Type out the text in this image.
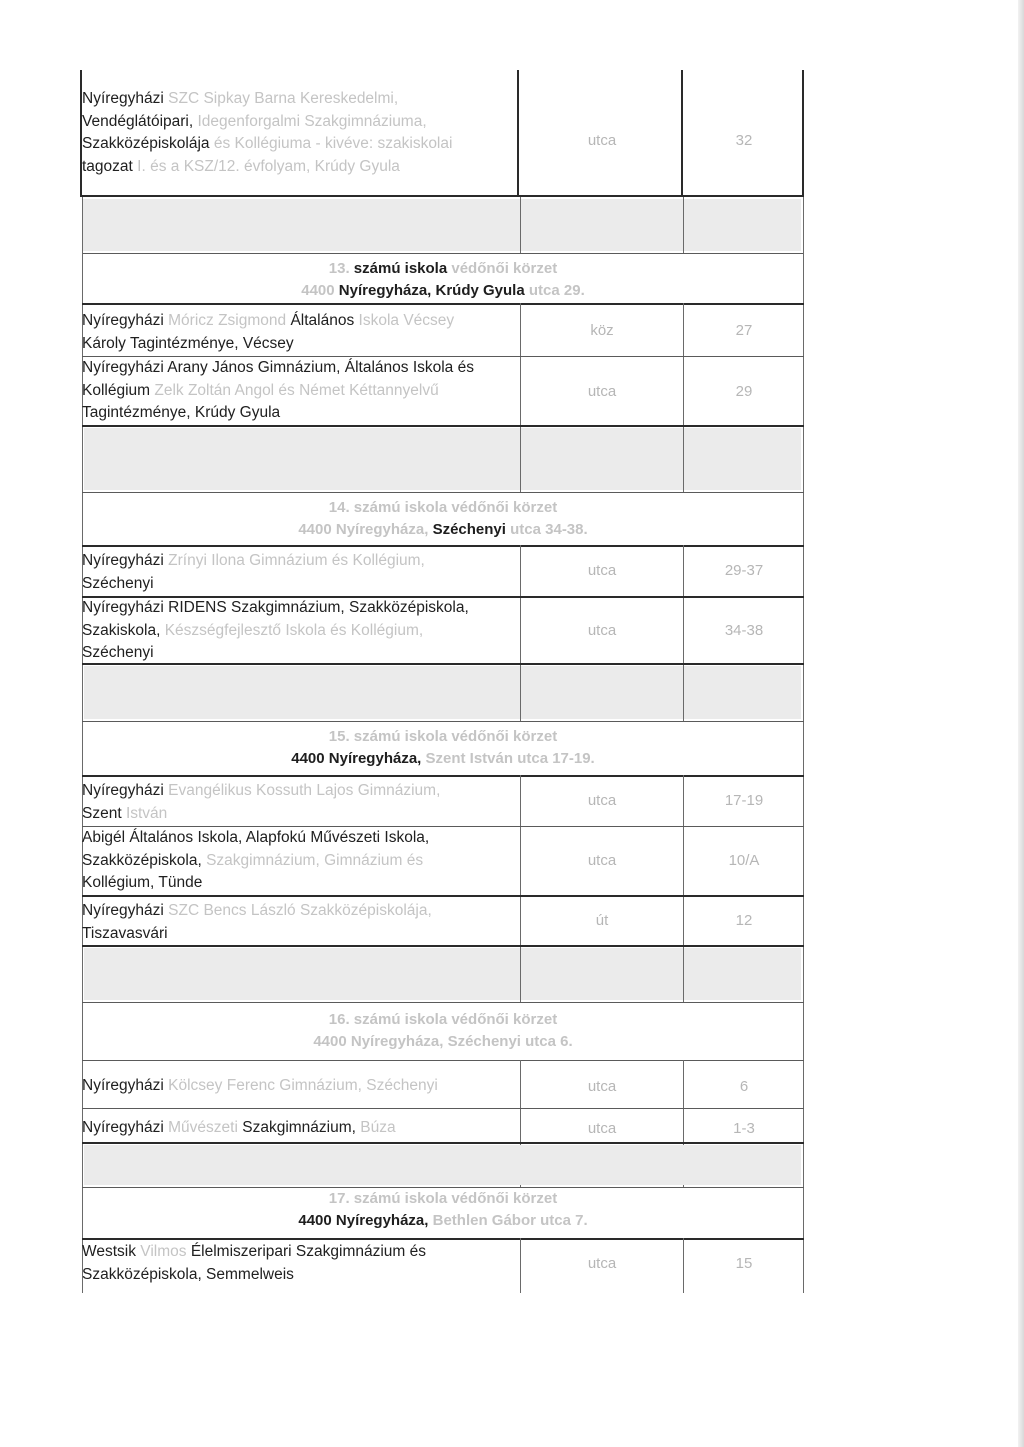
Nyíregyházi SZC Sipkay Barna Kereskedelmi,
Vendéglátóipari, Idegenforgalmi Szakgimnáziuma,
Szakközépiskolája és Kollégiuma - kivéve: szakiskolai
tagozat I. és a KSZ/12. évfolyam, Krúdy Gyula
utca	32
13. számú iskola védőnői körzet
4400 Nyíregyháza, Krúdy Gyula utca 29.
Nyíregyházi Móricz Zsigmond Általános Iskola Vécsey
Károly Tagintézménye, Vécsey
köz	27
Nyíregyházi Arany János Gimnázium, Általános Iskola és
Kollégium Zelk Zoltán Angol és Német Kéttannyelvű
Tagintézménye, Krúdy Gyula
utca	29
14. számú iskola védőnői körzet
4400 Nyíregyháza, Széchenyi utca 34-38.
Nyíregyházi Zrínyi Ilona Gimnázium és Kollégium,
Széchenyi
utca	29-37
Nyíregyházi RIDENS Szakgimnázium, Szakközépiskola,
Szakiskola, Készségfejlesztő Iskola és Kollégium,
Széchenyi
utca	34-38
15. számú iskola védőnői körzet
4400 Nyíregyháza, Szent István utca 17-19.
Nyíregyházi Evangélikus Kossuth Lajos Gimnázium,
Szent István
utca	17-19
Abigél Általános Iskola, Alapfokú Művészeti Iskola,
Szakközépiskola, Szakgimnázium, Gimnázium és
Kollégium, Tünde
utca	10/A
Nyíregyházi SZC Bencs László Szakközépiskolája,
Tiszavasvári
út	12
16. számú iskola védőnői körzet
4400 Nyíregyháza, Széchenyi utca 6.
Nyíregyházi Kölcsey Ferenc Gimnázium, Széchenyi	utca	6
Nyíregyházi Művészeti Szakgimnázium, Búza	utca	1-3
17. számú iskola védőnői körzet
4400 Nyíregyháza, Bethlen Gábor utca 7.
Westsik Vilmos Élelmiszeripari Szakgimnázium és
Szakközépiskola, Semmelweis
utca	15
